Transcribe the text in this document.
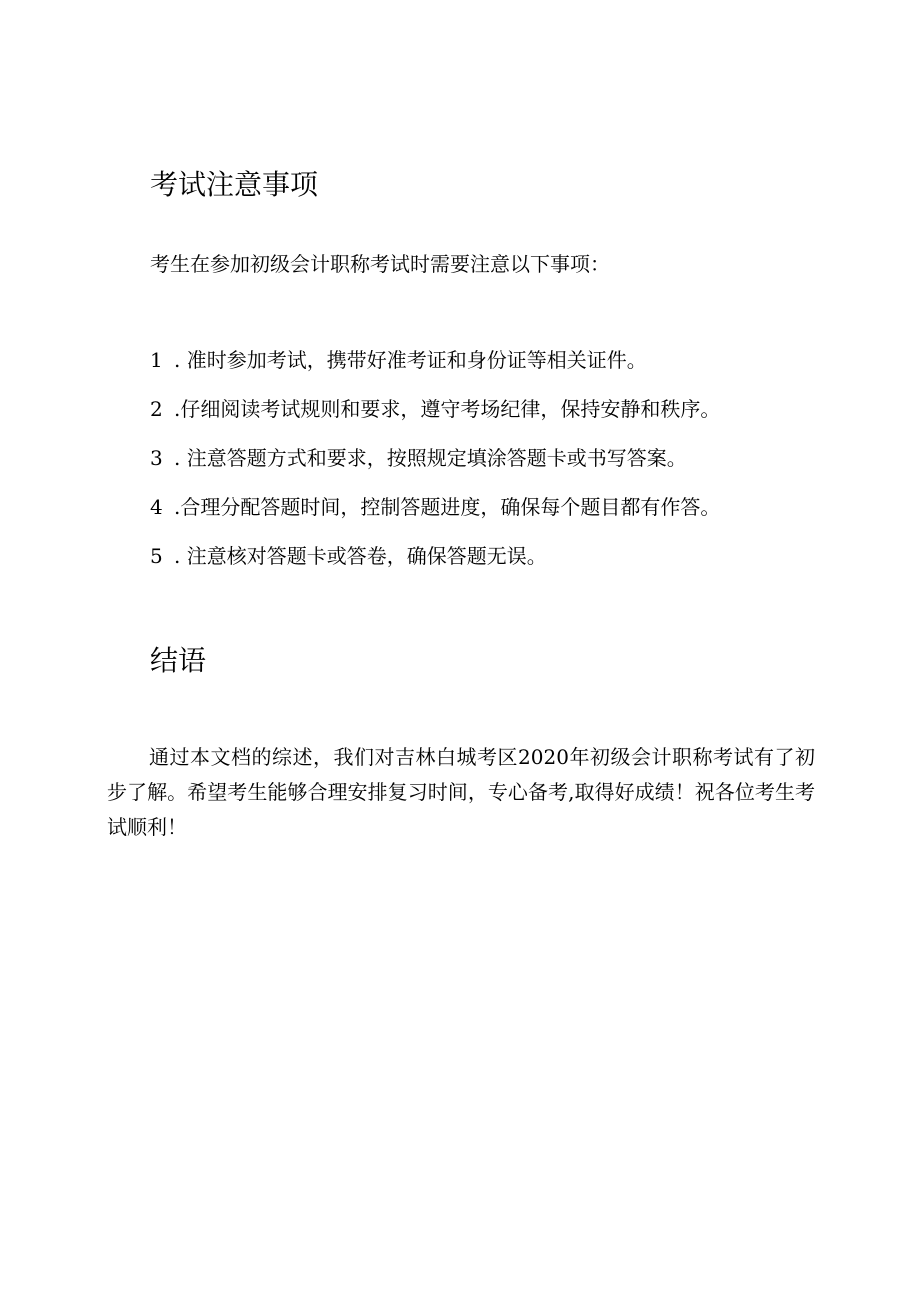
考试注意事项

考生在参加初级会计职称考试时需要注意以下事项：

1 . 准时参加考试，携带好准考证和身份证等相关证件。
2 .仔细阅读考试规则和要求，遵守考场纪律，保持安静和秩序。
3 . 注意答题方式和要求，按照规定填涂答题卡或书写答案。
4 .合理分配答题时间，控制答题进度，确保每个题目都有作答。
5 . 注意核对答题卡或答卷，确保答题无误。
结语

通过本文档的综述，我们对吉林白城考区2020年初级会计职称考试有了初步了解。希望考生能够合理安排复习时间，专心备考,取得好成绩！祝各位考生考试顺利！
